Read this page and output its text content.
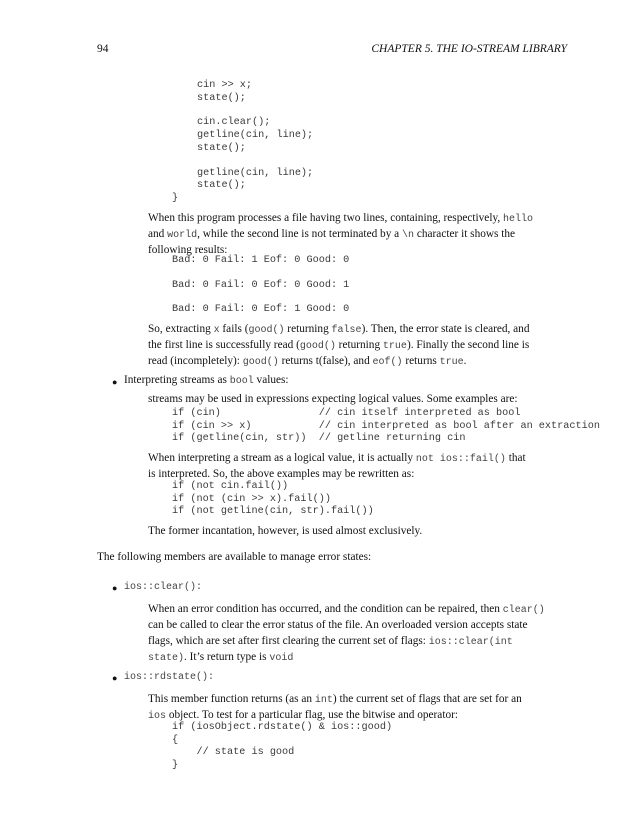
94	CHAPTER 5. THE IO-STREAM LIBRARY
cin >> x;
state();
cin.clear();
getline(cin, line);
state();
getline(cin, line);
state();
}
When this program processes a file having two lines, containing, respectively, hello
and world, while the second line is not terminated by a \n character it shows the
following results:
Bad: 0 Fail: 1 Eof: 0 Good: 0
Bad: 0 Fail: 0 Eof: 0 Good: 1
Bad: 0 Fail: 0 Eof: 1 Good: 0
So, extracting x fails (good() returning false). Then, the error state is cleared, and
the first line is successfully read (good() returning true). Finally the second line is
read (incompletely): good() returns t(false), and eof() returns true.
● Interpreting streams as bool values:
streams may be used in expressions expecting logical values. Some examples are:
if (cin)                // cin itself interpreted as bool
if (cin >> x)           // cin interpreted as bool after an extraction
if (getline(cin, str))  // getline returning cin
When interpreting a stream as a logical value, it is actually not ios::fail() that
is interpreted. So, the above examples may be rewritten as:
if (not cin.fail())
if (not (cin >> x).fail())
if (not getline(cin, str).fail())
The former incantation, however, is used almost exclusively.
The following members are available to manage error states:
● ios::clear():
When an error condition has occurred, and the condition can be repaired, then clear()
can be called to clear the error status of the file. An overloaded version accepts state
flags, which are set after first clearing the current set of flags: ios::clear(int
state). It’s return type is void
● ios::rdstate():
This member function returns (as an int) the current set of flags that are set for an
ios object. To test for a particular flag, use the bitwise and operator:
if (iosObject.rdstate() & ios::good)
{
// state is good
}
